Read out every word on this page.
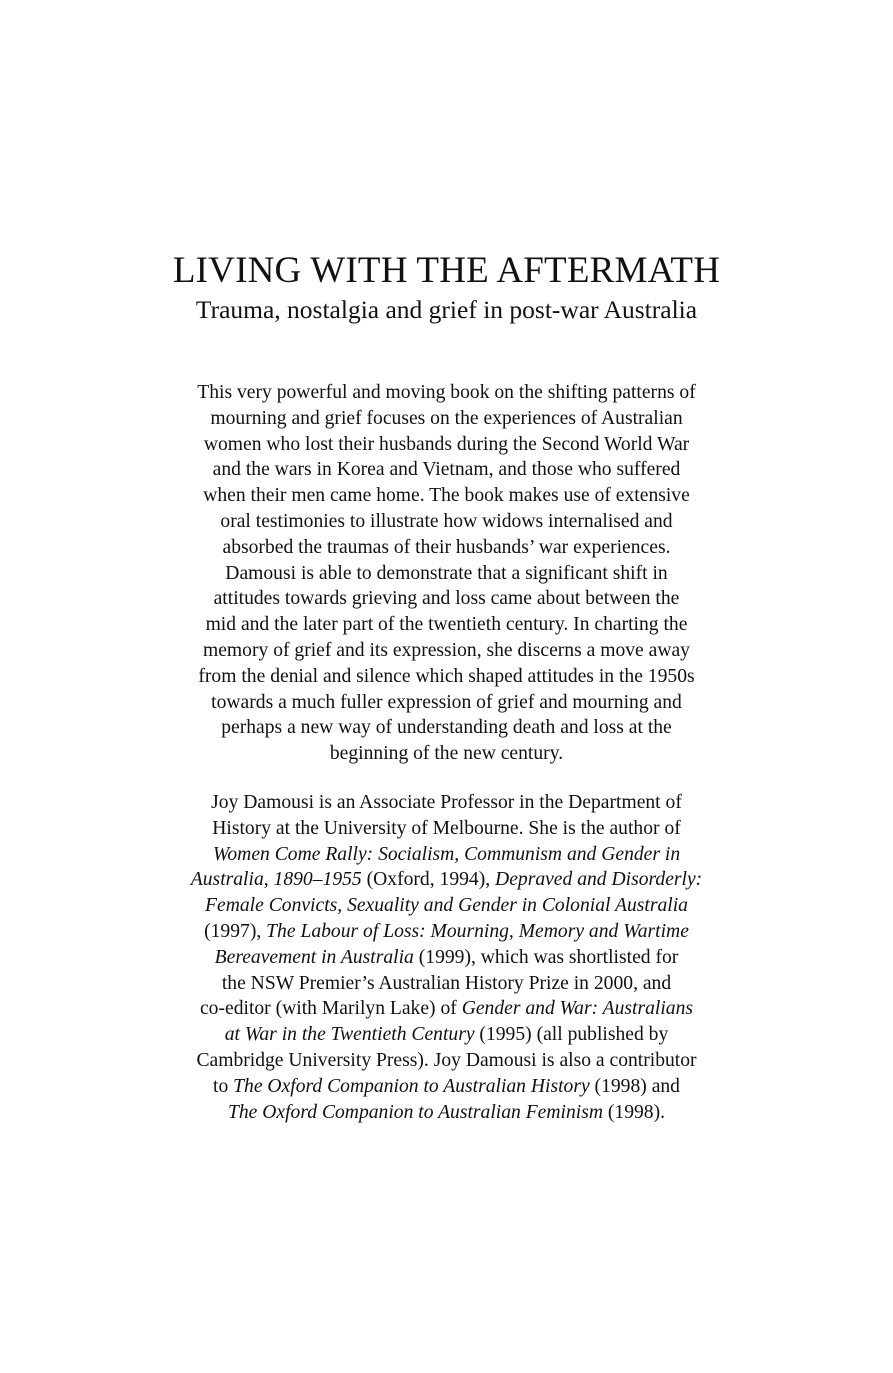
LIVING WITH THE AFTERMATH
Trauma, nostalgia and grief in post-war Australia
This very powerful and moving book on the shifting patterns of
mourning and grief focuses on the experiences of Australian
women who lost their husbands during the Second World War
and the wars in Korea and Vietnam, and those who suffered
when their men came home. The book makes use of extensive
oral testimonies to illustrate how widows internalised and
absorbed the traumas of their husbands’ war experiences.
Damousi is able to demonstrate that a significant shift in
attitudes towards grieving and loss came about between the
mid and the later part of the twentieth century. In charting the
memory of grief and its expression, she discerns a move away
from the denial and silence which shaped attitudes in the 1950s
towards a much fuller expression of grief and mourning and
perhaps a new way of understanding death and loss at the
beginning of the new century.
Joy Damousi is an Associate Professor in the Department of
History at the University of Melbourne. She is the author of
Women Come Rally: Socialism, Communism and Gender in
Australia, 1890–1955 (Oxford, 1994), Depraved and Disorderly:
Female Convicts, Sexuality and Gender in Colonial Australia
(1997), The Labour of Loss: Mourning, Memory and Wartime
Bereavement in Australia (1999), which was shortlisted for
the NSW Premier’s Australian History Prize in 2000, and
co-editor (with Marilyn Lake) of Gender and War: Australians
at War in the Twentieth Century (1995) (all published by
Cambridge University Press). Joy Damousi is also a contributor
to The Oxford Companion to Australian History (1998) and
The Oxford Companion to Australian Feminism (1998).
